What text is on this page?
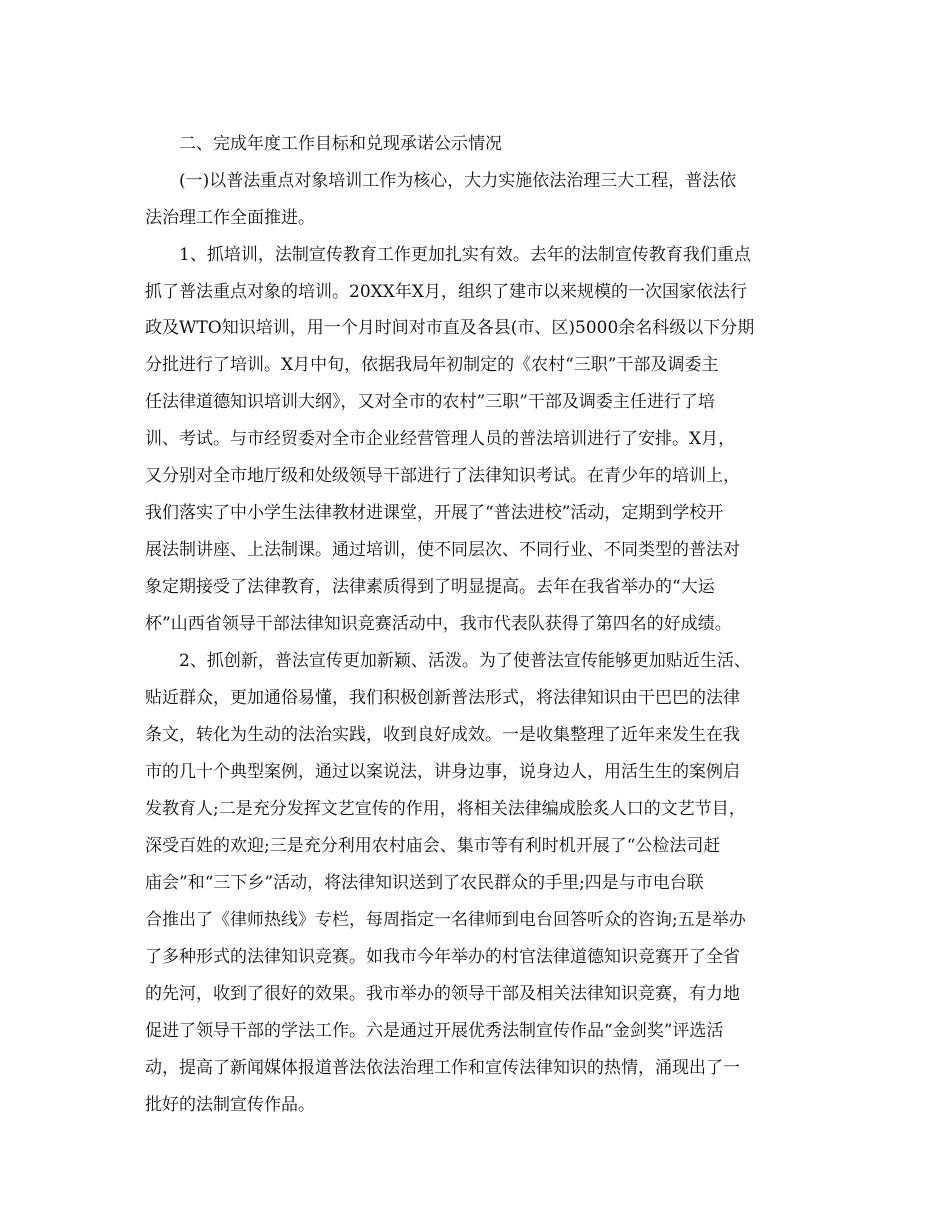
二、完成年度工作目标和兑现承诺公示情况

(一)以普法重点对象培训工作为核心，大力实施依法治理三大工程，普法依

法治理工作全面推进。

1、抓培训，法制宣传教育工作更加扎实有效。去年的法制宣传教育我们重点

抓了普法重点对象的培训。20XX年X月，组织了建市以来规模的一次国家依法行

政及WTO知识培训，用一个月时间对市直及各县(市、区)5000余名科级以下分期

分批进行了培训。X月中旬，依据我局年初制定的《农村“三职”干部及调委主

任法律道德知识培训大纲》，又对全市的农村”三职”干部及调委主任进行了培

训、考试。与市经贸委对全市企业经营管理人员的普法培训进行了安排。X月，

又分别对全市地厅级和处级领导干部进行了法律知识考试。在青少年的培训上，

我们落实了中小学生法律教材进课堂，开展了“普法进校”活动，定期到学校开

展法制讲座、上法制课。通过培训，使不同层次、不同行业、不同类型的普法对

象定期接受了法律教育，法律素质得到了明显提高。去年在我省举办的“大运

杯”山西省领导干部法律知识竞赛活动中，我市代表队获得了第四名的好成绩。

2、抓创新，普法宣传更加新颖、活泼。为了使普法宣传能够更加贴近生活、

贴近群众，更加通俗易懂，我们积极创新普法形式，将法律知识由干巴巴的法律

条文，转化为生动的法治实践，收到良好成效。一是收集整理了近年来发生在我

市的几十个典型案例，通过以案说法，讲身边事，说身边人，用活生生的案例启

发教育人;二是充分发挥文艺宣传的作用，将相关法律编成脍炙人口的文艺节目，

深受百姓的欢迎;三是充分利用农村庙会、集市等有利时机开展了“公检法司赶

庙会”和“三下乡”活动，将法律知识送到了农民群众的手里;四是与市电台联

合推出了《律师热线》专栏，每周指定一名律师到电台回答听众的咨询;五是举办

了多种形式的法律知识竞赛。如我市今年举办的村官法律道德知识竞赛开了全省

的先河，收到了很好的效果。我市举办的领导干部及相关法律知识竞赛，有力地

促进了领导干部的学法工作。六是通过开展优秀法制宣传作品“金剑奖”评选活

动，提高了新闻媒体报道普法依法治理工作和宣传法律知识的热情，涌现出了一

批好的法制宣传作品。
